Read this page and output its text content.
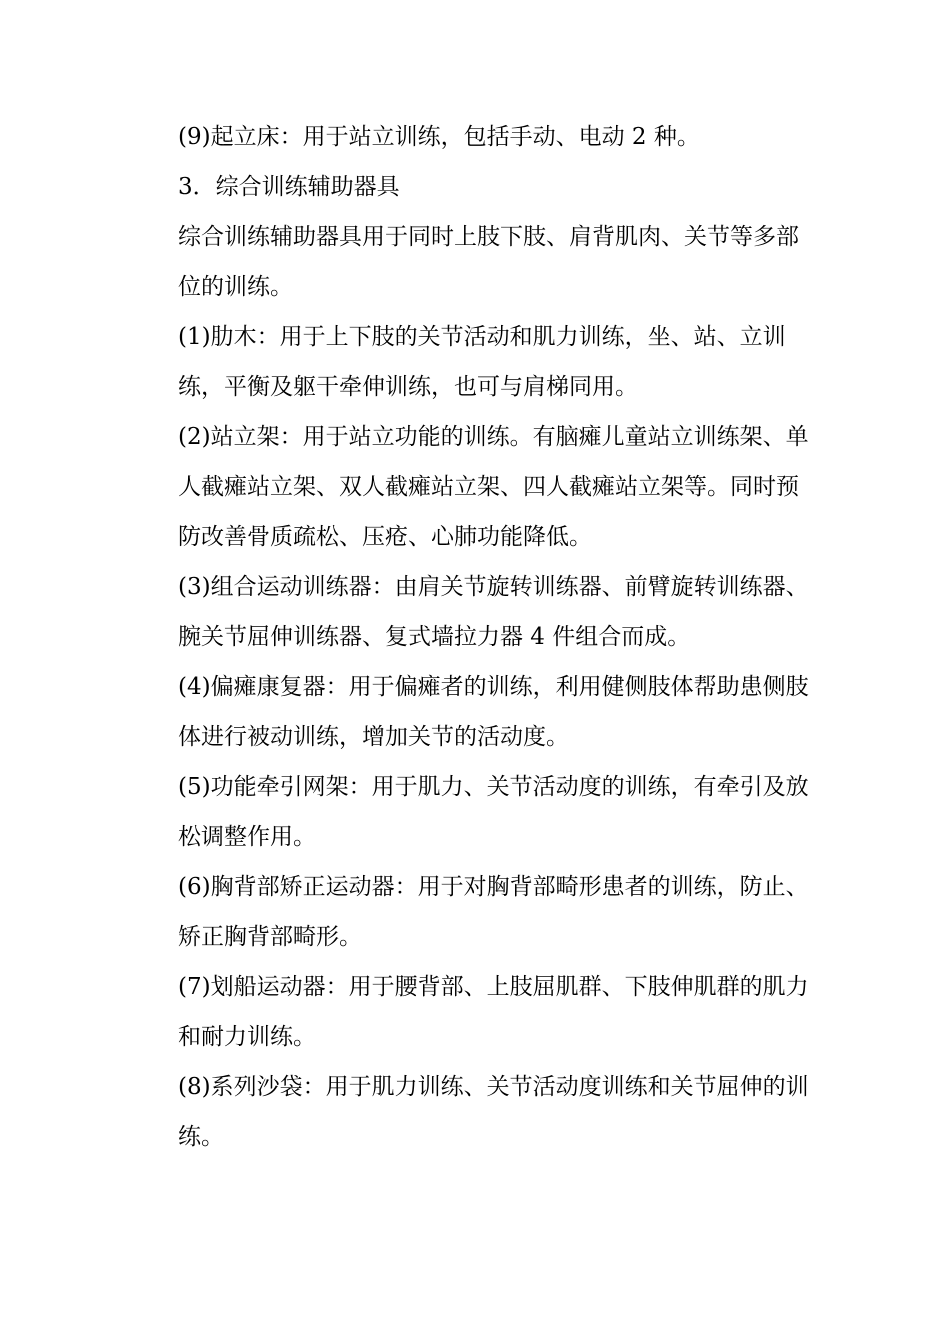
(9)起立床：用于站立训练，包括手动、电动 2 种。

3．综合训练辅助器具

综合训练辅助器具用于同时上肢下肢、肩背肌肉、关节等多部位的训练。

(1)肋木：用于上下肢的关节活动和肌力训练，坐、站、立训练，平衡及躯干牵伸训练，也可与肩梯同用。

(2)站立架：用于站立功能的训练。有脑瘫儿童站立训练架、单人截瘫站立架、双人截瘫站立架、四人截瘫站立架等。同时预防改善骨质疏松、压疮、心肺功能降低。

(3)组合运动训练器：由肩关节旋转训练器、前臂旋转训练器、腕关节屈伸训练器、复式墙拉力器 4 件组合而成。

(4)偏瘫康复器：用于偏瘫者的训练，利用健侧肢体帮助患侧肢体进行被动训练，增加关节的活动度。

(5)功能牵引网架：用于肌力、关节活动度的训练，有牵引及放松调整作用。

(6)胸背部矫正运动器：用于对胸背部畸形患者的训练，防止、矫正胸背部畸形。

(7)划船运动器：用于腰背部、上肢屈肌群、下肢伸肌群的肌力和耐力训练。

(8)系列沙袋：用于肌力训练、关节活动度训练和关节屈伸的训练。
